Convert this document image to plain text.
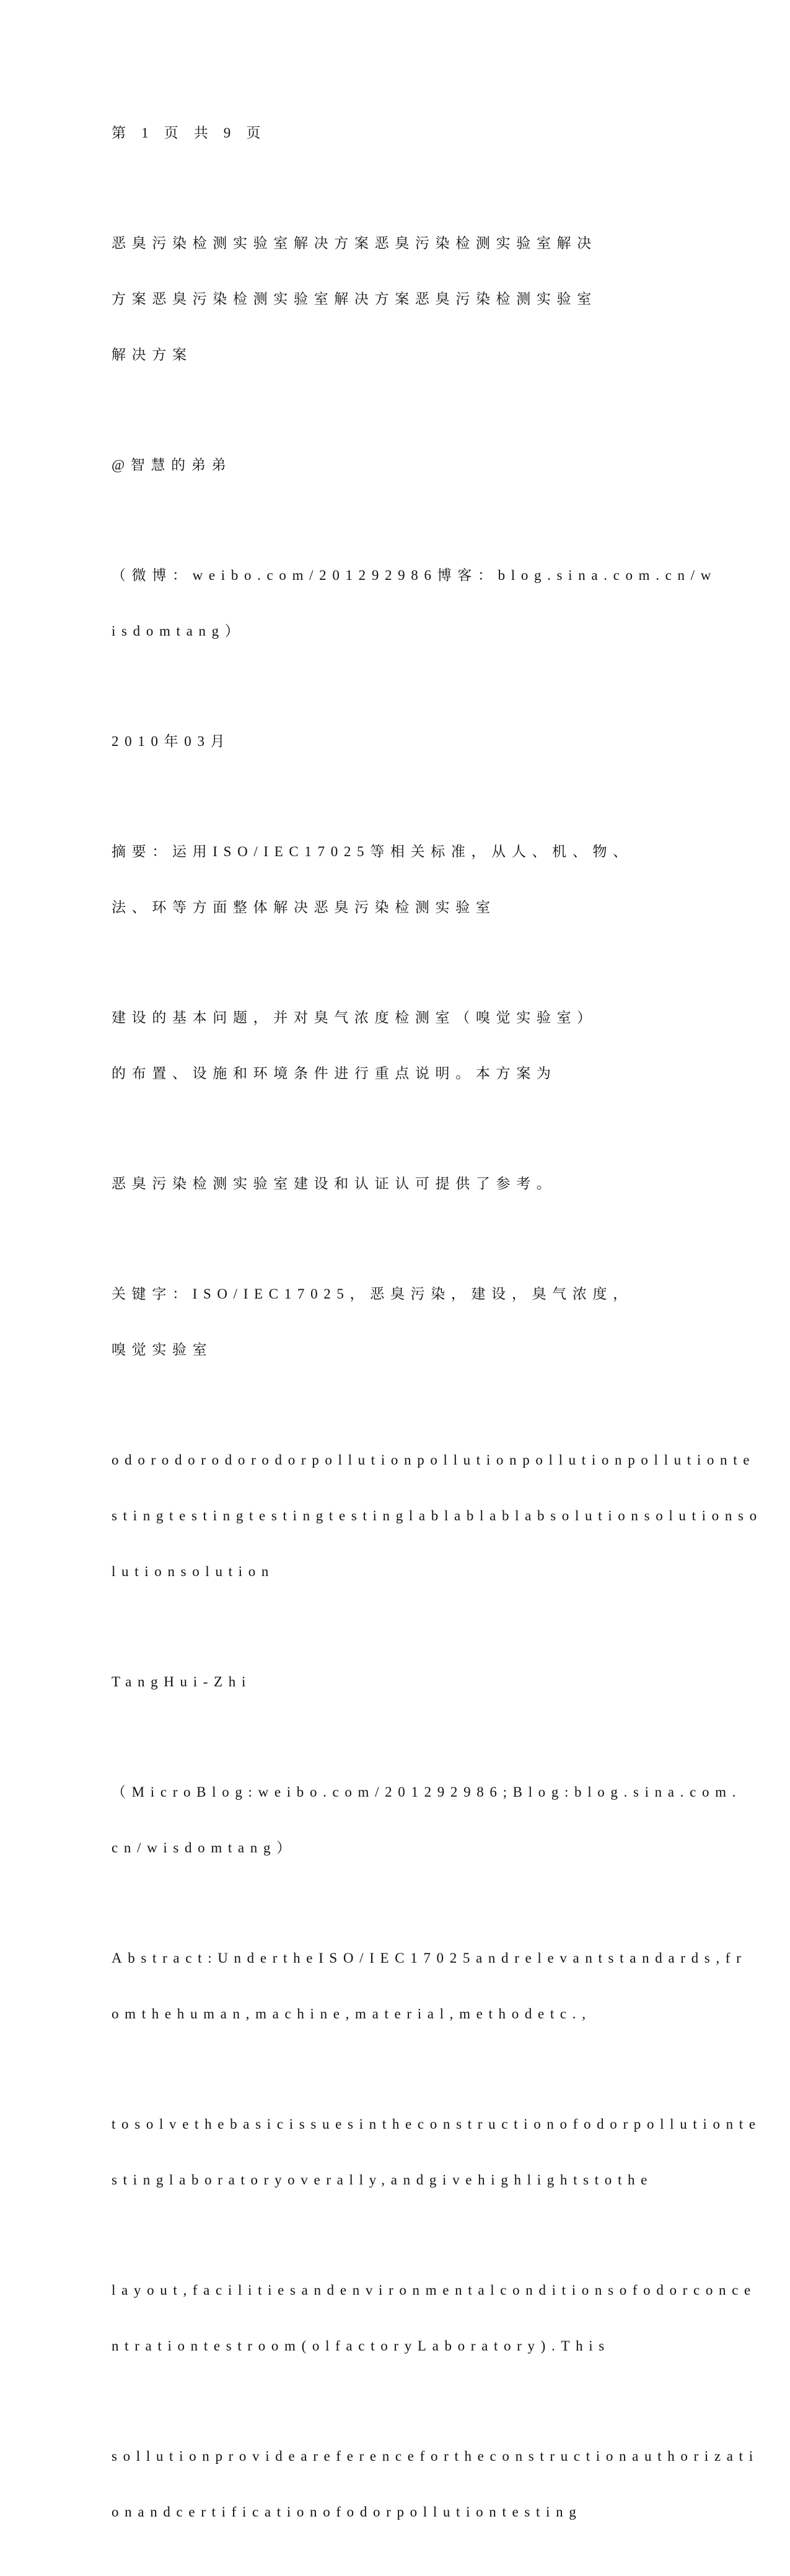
第 1 页 共 9 页

恶臭污染检测实验室解决方案恶臭污染检测实验室解决

方案恶臭污染检测实验室解决方案恶臭污染检测实验室

解决方案

@智慧的弟弟

（微博：weibo.com/201292986博客：blog.sina.com.cn/w

isdomtang）

2010年03月

摘要：运用ISO/IEC17025等相关标准，从人、机、物、

法、环等方面整体解决恶臭污染检测实验室

建设的基本问题，并对臭气浓度检测室（嗅觉实验室）

的布置、设施和环境条件进行重点说明。本方案为

恶臭污染检测实验室建设和认证认可提供了参考。

关键字：ISO/IEC17025，恶臭污染，建设，臭气浓度，

嗅觉实验室

odorodorodorodorpollutionpollutionpollutionpollutionte

stingtestingtestingtestinglablablablabsolutionsolutionso

lutionsolution

TangHui-Zhi

（MicroBlog:weibo.com/201292986;Blog:blog.sina.com.

cn/wisdomtang）

Abstract:UndertheISO/IEC17025andrelevantstandards,fr

omthehuman,machine,material,methodetc.,

tosolvethebasicissuesintheconstructionofodorpollutionte

stinglaboratoryoverally,andgivehighlightstothe

layout,facilitiesandenvironmentalconditionsofodorconce

ntrationtestroom(olfactoryLaboratory).This

sollutionprovideareferencefortheconstructionauthorizati

onandcertificationofodorpollutiontesting
